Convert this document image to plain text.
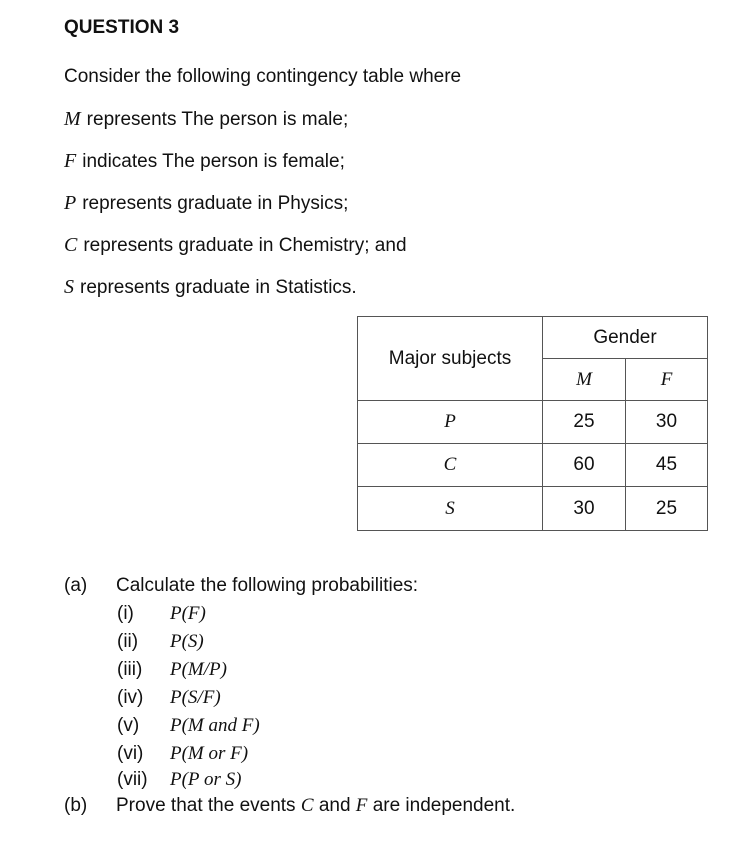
QUESTION 3
Consider the following contingency table where
M represents The person is male;
F indicates The person is female;
P represents graduate in Physics;
C represents graduate in Chemistry; and
S represents graduate in Statistics.
Major subjects	Gender	
	M	F
P	25	30
C	60	45
S	30	25
(a) Calculate the following probabilities:
(i) P(F)
(ii) P(S)
(iii) P(M/P)
(iv) P(S/F)
(v) P(M and F)
(vi) P(M or F)
(vii) P(P or S)
(b) Prove that the events C and F are independent.
